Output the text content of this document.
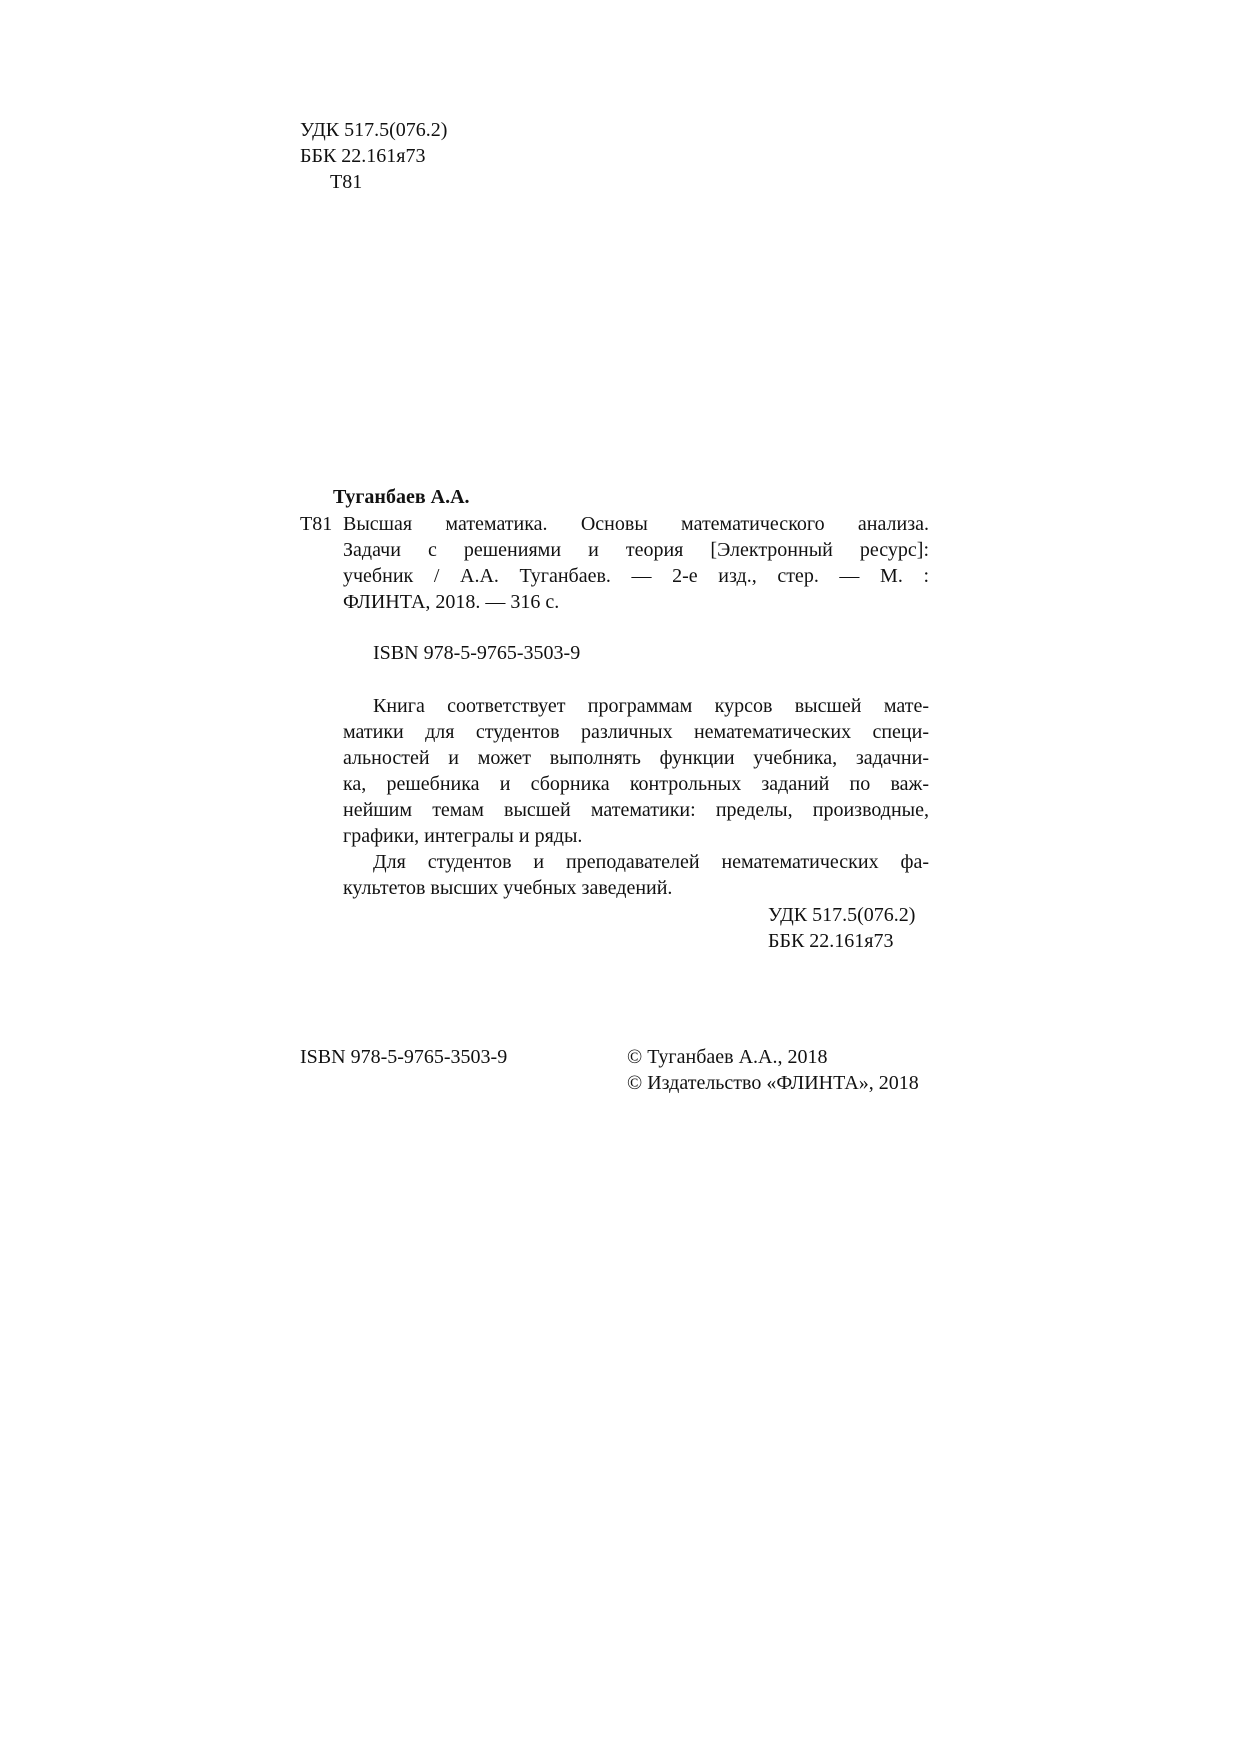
УДК 517.5(076.2)
ББК 22.161я73
Т81
Туганбаев А.А.
Т81 Высшая математика. Основы математического анализа.
Задачи с решениями и теория [Электронный ресурс]:
учебник / А.А. Туганбаев. — 2-е изд., стер. — М. :
ФЛИНТА, 2018. — 316 с.
ISBN 978-5-9765-3503-9
Книга соответствует программам курсов высшей мате-
матики для студентов различных нематематических специ-
альностей и может выполнять функции учебника, задачни-
ка, решебника и сборника контрольных заданий по важ-
нейшим темам высшей математики: пределы, производные,
графики, интегралы и ряды.
Для студентов и преподавателей нематематических фа-
культетов высших учебных заведений.
УДК 517.5(076.2)
ББК 22.161я73
ISBN 978-5-9765-3503-9	© Туганбаев А.А., 2018
© Издательство «ФЛИНТА», 2018
